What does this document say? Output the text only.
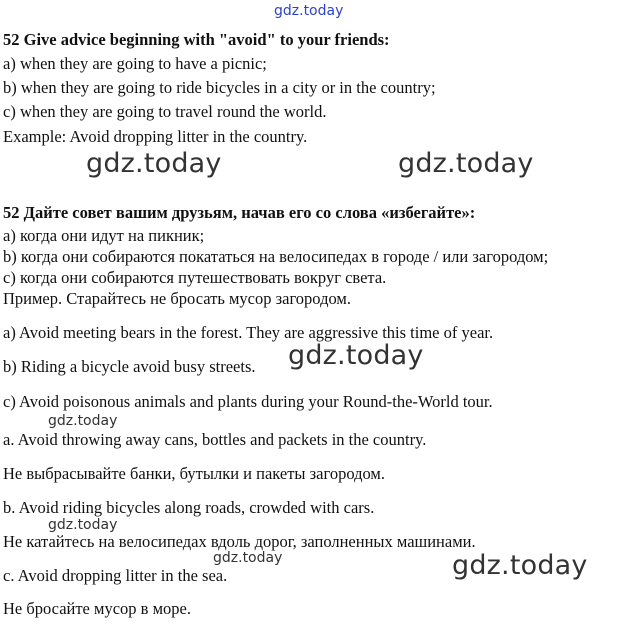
gdz.today
gdz.today	gdz.today
gdz.today
gdz.today
gdz.today
gdz.today	gdz.today
52 Give advice beginning with "avoid" to your friends:
a) when they are going to have a picnic;
b) when they are going to ride bicycles in a city or in the country;
c) when they are going to travel round the world.
Example: Avoid dropping litter in the country.
52 Дайте совет вашим друзьям, начав его со слова «избегайте»:
а) когда они идут на пикник;
b) когда они собираются покататься на велосипедах в городе / или загородом;
c) когда они собираются путешествовать вокруг света.
Пример. Старайтесь не бросать мусор загородом.
a) Avoid meeting bears in the forest. They are aggressive this time of year.
b) Riding a bicycle avoid busy streets.
c) Avoid poisonous animals and plants during your Round-the-World tour.
a. Avoid throwing away cans, bottles and packets in the country.
Не выбрасывайте банки, бутылки и пакеты загородом.
b. Avoid riding bicycles along roads, crowded with cars.
Не катайтесь на велосипедах вдоль дорог, заполненных машинами.
c. Avoid dropping litter in the sea.
Не бросайте мусор в море.
